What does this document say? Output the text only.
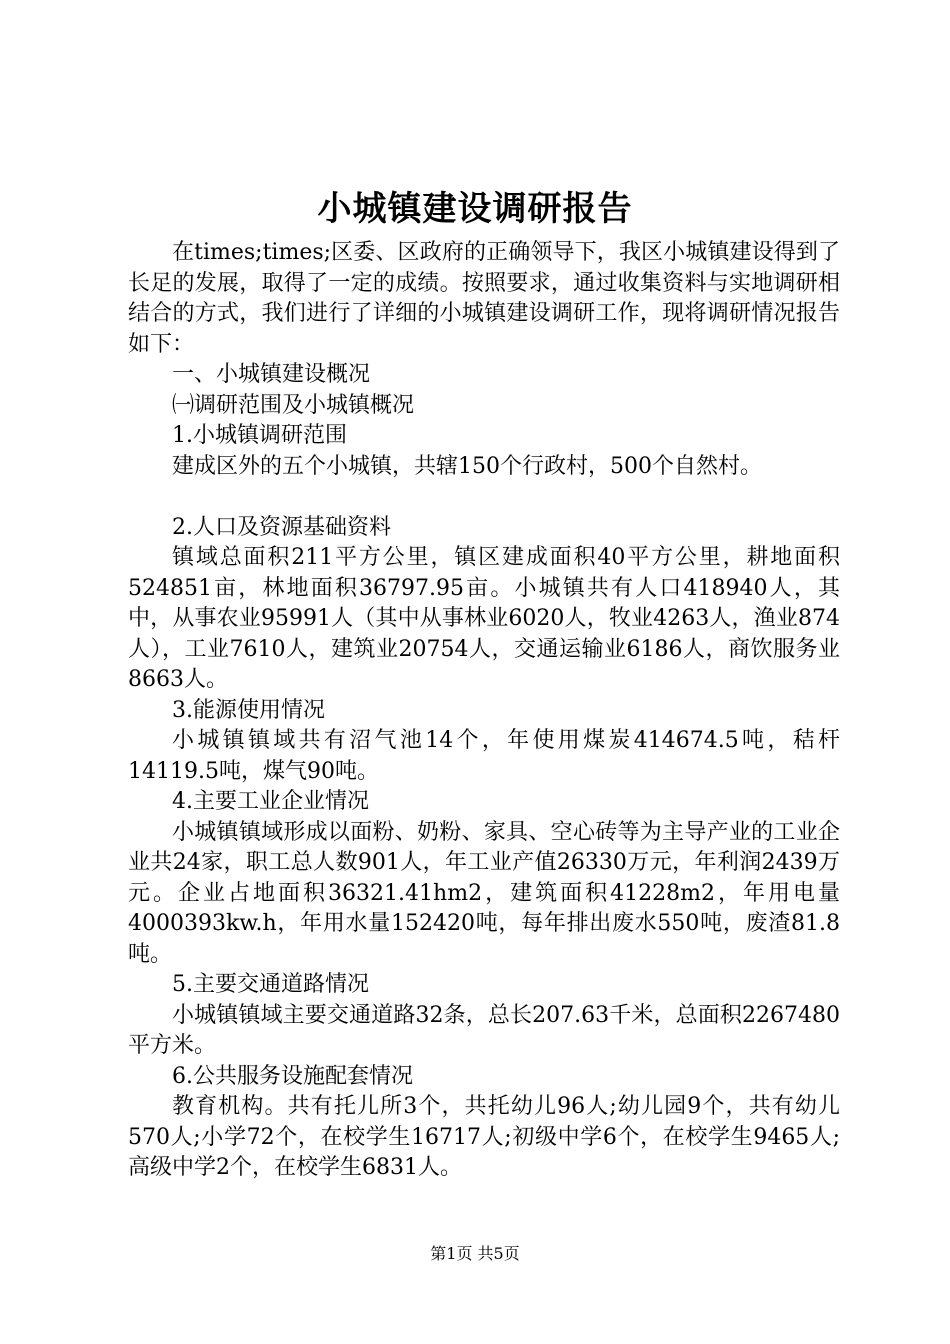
小城镇建设调研报告

在times;times;区委、区政府的正确领导下，我区小城镇建设得到了长足的发展，取得了一定的成绩。按照要求，通过收集资料与实地调研相结合的方式，我们进行了详细的小城镇建设调研工作，现将调研情况报告如下：

一、小城镇建设概况

㈠调研范围及小城镇概况

1.小城镇调研范围

建成区外的五个小城镇，共辖150个行政村，500个自然村。

2.人口及资源基础资料

镇域总面积211平方公里，镇区建成面积40平方公里，耕地面积524851亩，林地面积36797.95亩。小城镇共有人口418940人，其中，从事农业95991人（其中从事林业6020人，牧业4263人，渔业874人），工业7610人，建筑业20754人，交通运输业6186人，商饮服务业8663人。

3.能源使用情况

小城镇镇域共有沼气池14个，年使用煤炭414674.5吨，秸杆14119.5吨，煤气90吨。

4.主要工业企业情况

小城镇镇域形成以面粉、奶粉、家具、空心砖等为主导产业的工业企业共24家，职工总人数901人，年工业产值26330万元，年利润2439万元。企业占地面积36321.41hm2，建筑面积41228m2，年用电量4000393kw.h，年用水量152420吨，每年排出废水550吨，废渣81.8吨。

5.主要交通道路情况

小城镇镇域主要交通道路32条，总长207.63千米，总面积2267480平方米。

6.公共服务设施配套情况

教育机构。共有托儿所3个，共托幼儿96人;幼儿园9个，共有幼儿570人;小学72个，在校学生16717人;初级中学6个，在校学生9465人;高级中学2个，在校学生6831人。

第1页 共5页
